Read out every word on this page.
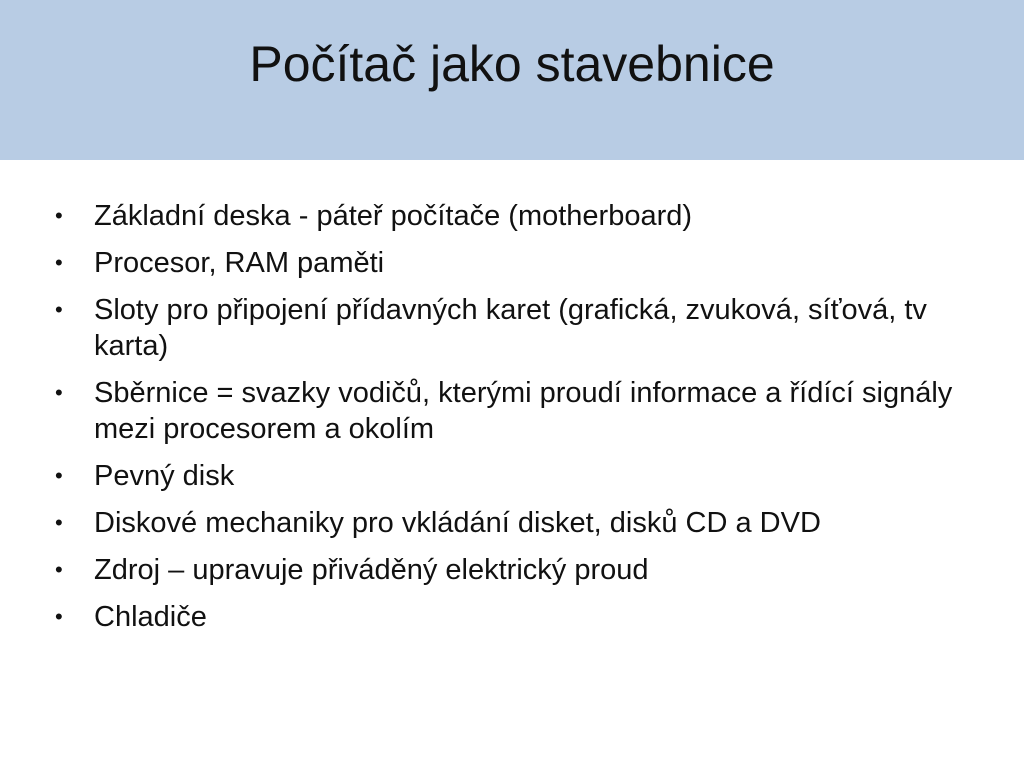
Počítač jako stavebnice
•	Základní deska - páteř počítače (motherboard)
•	Procesor, RAM paměti
•	Sloty pro připojení přídavných karet (grafická, zvuková, síťová, tv karta)
•	Sběrnice = svazky vodičů, kterými proudí informace a řídící signály mezi procesorem a okolím
•	Pevný disk
•	Diskové mechaniky pro vkládání disket, disků CD a DVD
•	Zdroj – upravuje přiváděný elektrický proud
•	Chladiče
